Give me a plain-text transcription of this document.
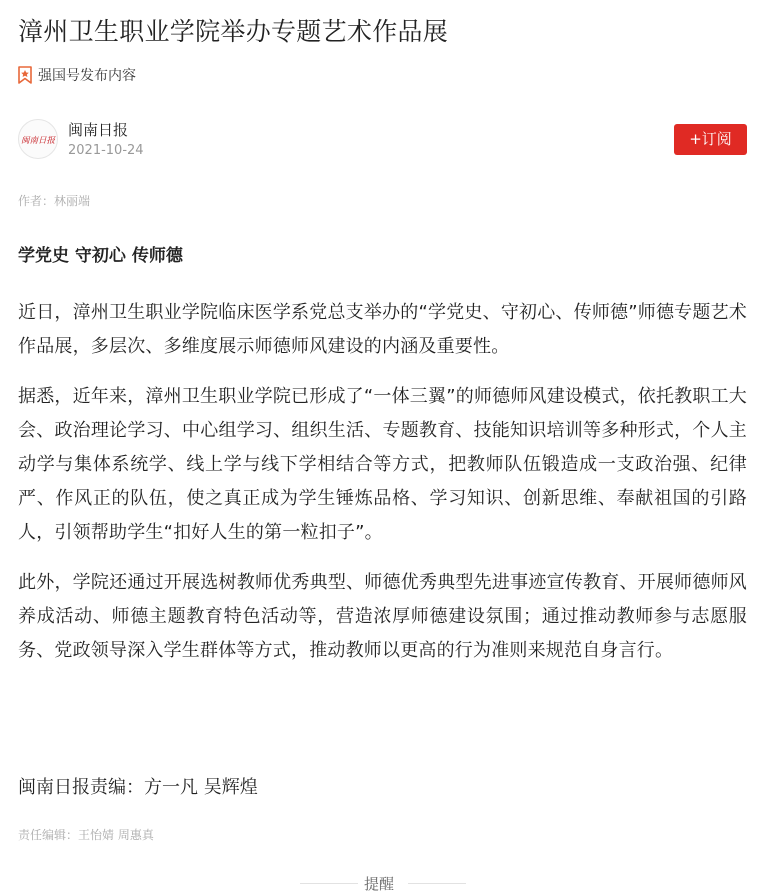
漳州卫生职业学院举办专题艺术作品展
强国号发布内容
闽南日报
闽南日报
2021-10-24
+订阅
作者：林丽端
学党史 守初心 传师德

近日，漳州卫生职业学院临床医学系党总支举办的“学党史、守初心、传师德”师德专题艺术作品展，多层次、多维度展示师德师风建设的内涵及重要性。

据悉，近年来，漳州卫生职业学院已形成了“一体三翼”的师德师风建设模式，依托教职工大会、政治理论学习、中心组学习、组织生活、专题教育、技能知识培训等多种形式，个人主动学与集体系统学、线上学与线下学相结合等方式，把教师队伍锻造成一支政治强、纪律严、作风正的队伍，使之真正成为学生锤炼品格、学习知识、创新思维、奉献祖国的引路人，引领帮助学生“扣好人生的第一粒扣子”。

此外，学院还通过开展选树教师优秀典型、师德优秀典型先进事迹宣传教育、开展师德师风养成活动、师德主题教育特色活动等，营造浓厚师德建设氛围；通过推动教师参与志愿服务、党政领导深入学生群体等方式，推动教师以更高的行为准则来规范自身言行。

闽南日报责编：方一凡 吴辉煌
责任编辑：王怡婧 周惠真
提醒
